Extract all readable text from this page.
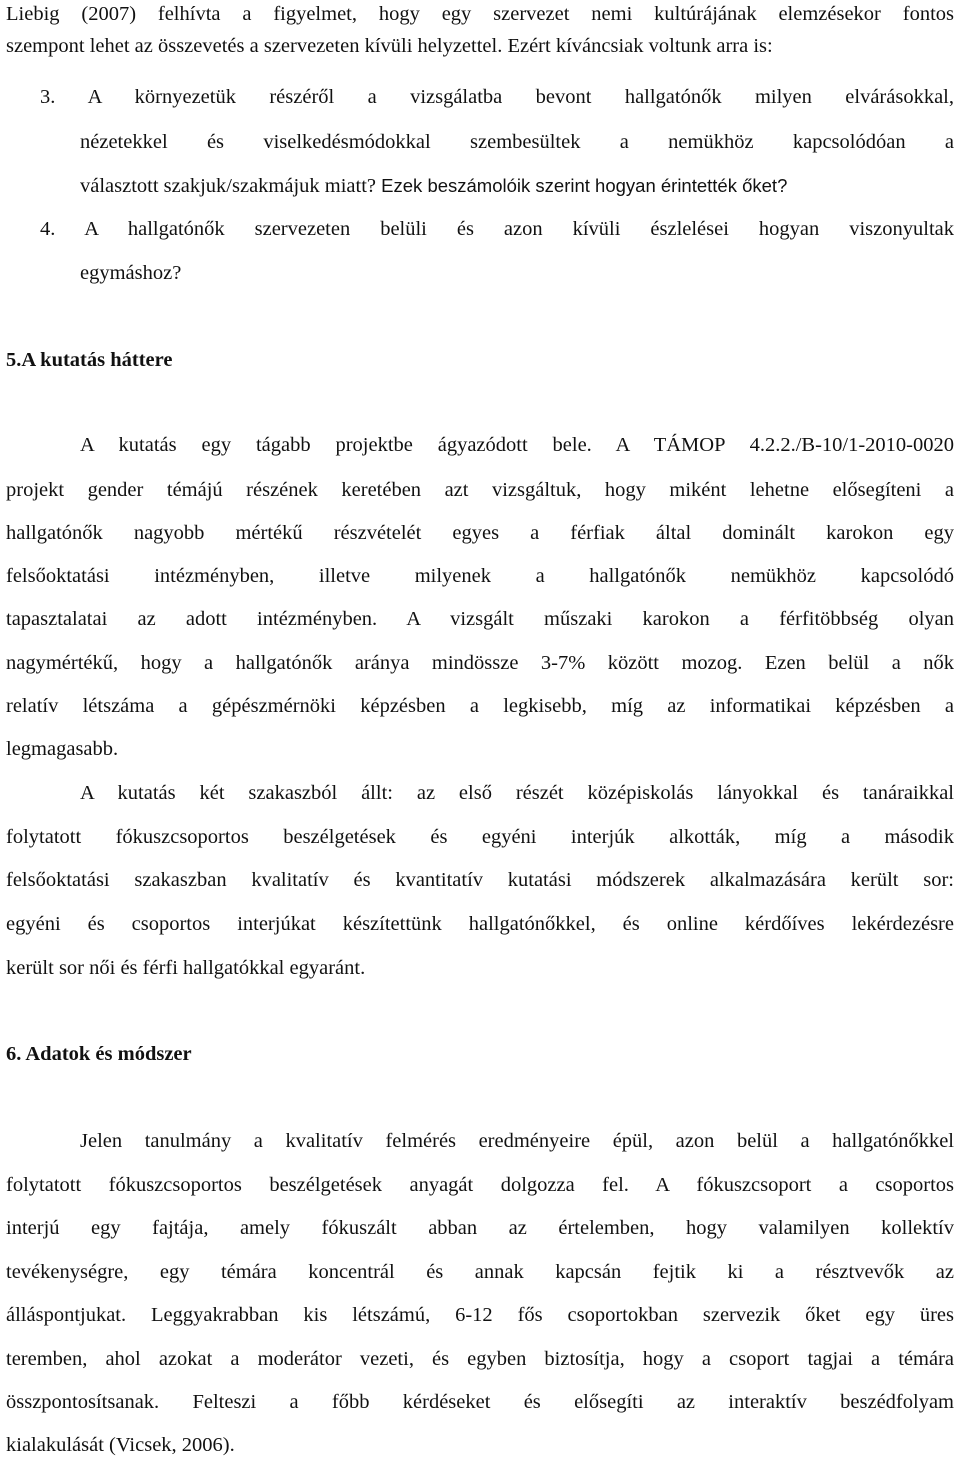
Liebig (2007) felhívta a figyelmet, hogy egy szervezet nemi kultúrájának elemzésekor fontos
szempont lehet az összevetés a szervezeten kívüli helyzettel. Ezért kíváncsiak voltunk arra is:
3. A környezetük részéről a vizsgálatba bevont hallgatónők milyen elvárásokkal,
nézetekkel és viselkedésmódokkal szembesültek a nemükhöz kapcsolódóan a
választott szakjuk/szakmájuk miatt? Ezek beszámolóik szerint hogyan érintették őket?
4. A hallgatónők szervezeten belüli és azon kívüli észlelései hogyan viszonyultak
egymáshoz?
5.A kutatás háttere
A kutatás egy tágabb projektbe ágyazódott bele. A TÁMOP 4.2.2./B-10/1-2010-0020
projekt gender témájú részének keretében azt vizsgáltuk, hogy miként lehetne elősegíteni a
hallgatónők nagyobb mértékű részvételét egyes a férfiak által dominált karokon egy
felsőoktatási intézményben, illetve milyenek a hallgatónők nemükhöz kapcsolódó
tapasztalatai az adott intézményben. A vizsgált műszaki karokon a férfitöbbség olyan
nagymértékű, hogy a hallgatónők aránya mindössze 3-7% között mozog. Ezen belül a nők
relatív létszáma a gépészmérnöki képzésben a legkisebb, míg az informatikai képzésben a
legmagasabb.
A kutatás két szakaszból állt: az első részét középiskolás lányokkal és tanáraikkal
folytatott fókuszcsoportos beszélgetések és egyéni interjúk alkották, míg a második
felsőoktatási szakaszban kvalitatív és kvantitatív kutatási módszerek alkalmazására került sor:
egyéni és csoportos interjúkat készítettünk hallgatónőkkel, és online kérdőíves lekérdezésre
került sor női és férfi hallgatókkal egyaránt.
6. Adatok és módszer
Jelen tanulmány a kvalitatív felmérés eredményeire épül, azon belül a hallgatónőkkel
folytatott fókuszcsoportos beszélgetések anyagát dolgozza fel. A fókuszcsoport a csoportos
interjú egy fajtája, amely fókuszált abban az értelemben, hogy valamilyen kollektív
tevékenységre, egy témára koncentrál és annak kapcsán fejtik ki a résztvevők az
álláspontjukat. Leggyakrabban kis létszámú, 6-12 fős csoportokban szervezik őket egy üres
teremben, ahol azokat a moderátor vezeti, és egyben biztosítja, hogy a csoport tagjai a témára
összpontosítsanak. Felteszi a főbb kérdéseket és elősegíti az interaktív beszédfolyam
kialakulását (Vicsek, 2006).
